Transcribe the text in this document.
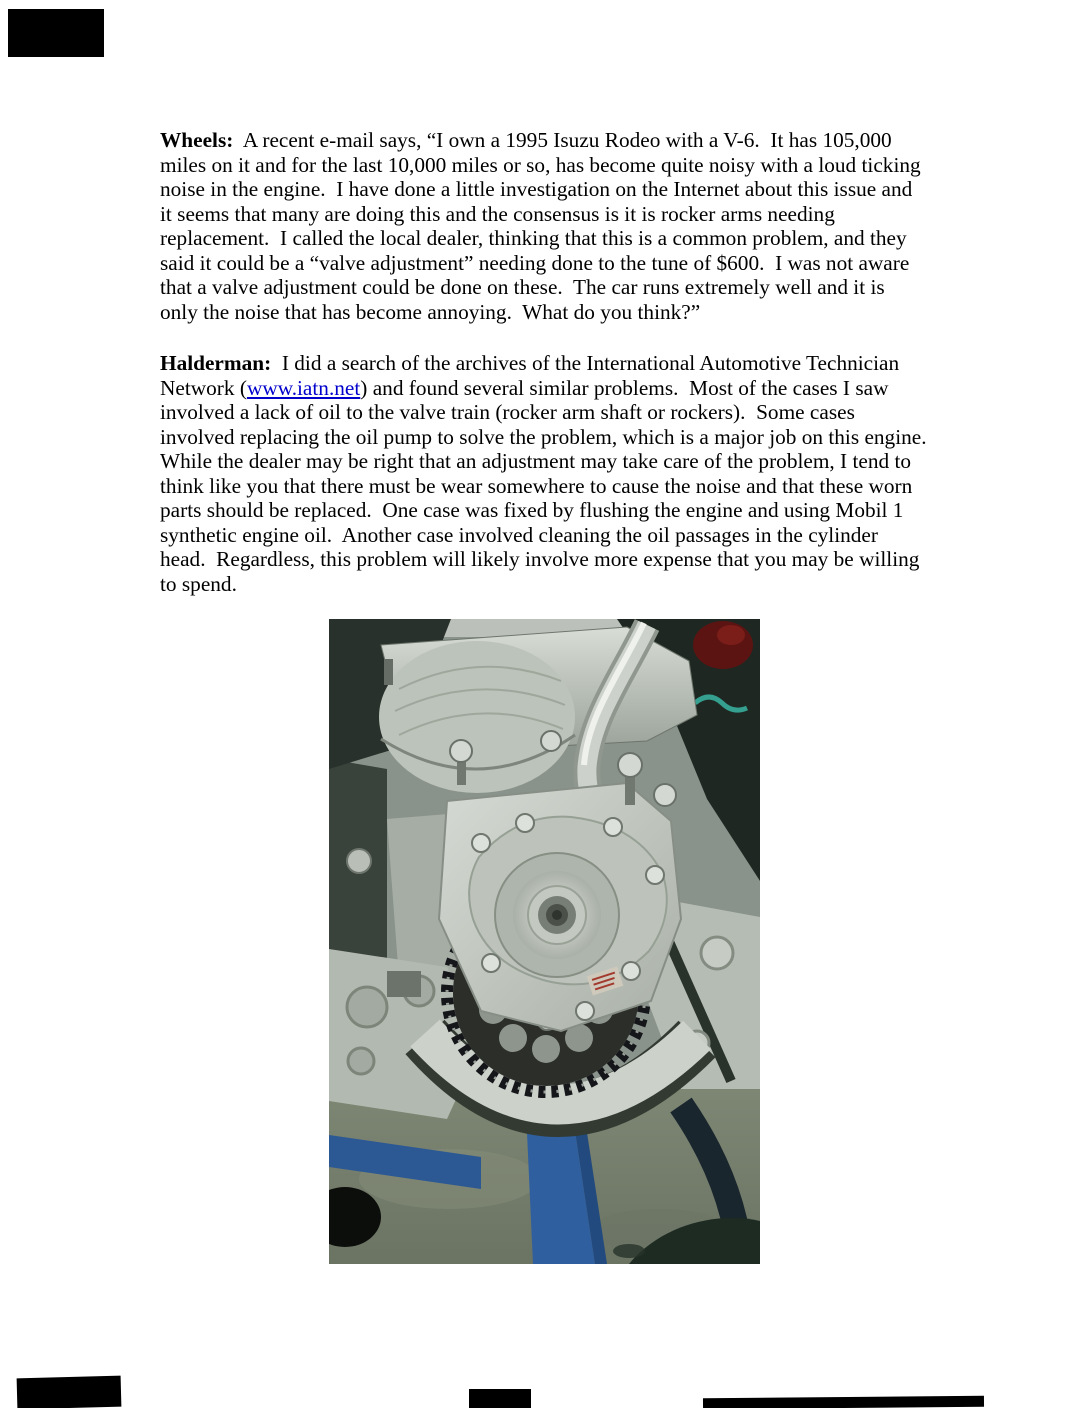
Wheels:  A recent e-mail says, “I own a 1995 Isuzu Rodeo with a V-6.  It has 105,000
miles on it and for the last 10,000 miles or so, has become quite noisy with a loud ticking
noise in the engine.  I have done a little investigation on the Internet about this issue and
it seems that many are doing this and the consensus is it is rocker arms needing
replacement.  I called the local dealer, thinking that this is a common problem, and they
said it could be a “valve adjustment” needing done to the tune of $600.  I was not aware
that a valve adjustment could be done on these.  The car runs extremely well and it is
only the noise that has become annoying.  What do you think?”
Halderman:  I did a search of the archives of the International Automotive Technician
Network (www.iatn.net) and found several similar problems.  Most of the cases I saw
involved a lack of oil to the valve train (rocker arm shaft or rockers).  Some cases
involved replacing the oil pump to solve the problem, which is a major job on this engine.
While the dealer may be right that an adjustment may take care of the problem, I tend to
think like you that there must be wear somewhere to cause the noise and that these worn
parts should be replaced.  One case was fixed by flushing the engine and using Mobil 1
synthetic engine oil.  Another case involved cleaning the oil passages in the cylinder
head.  Regardless, this problem will likely involve more expense that you may be willing
to spend.
